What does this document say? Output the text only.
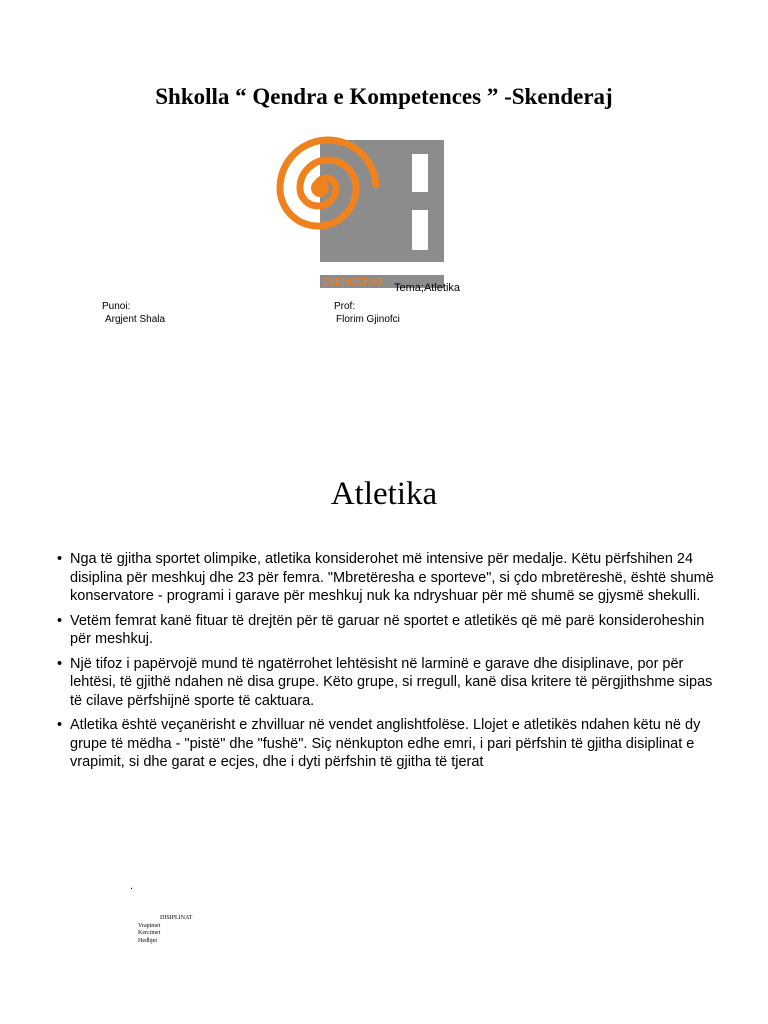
Shkolla “ Qendra e Kompetences ” -Skenderaj
QENDRA E KOMPETENCES
SKENDERAJ Tema;Atletika
Punoi:
Argjent Shala
Prof:
Florim Gjinofci
Atletika
• Nga të gjitha sportet olimpike, atletika konsiderohet më intensive për medalje. Këtu përfshihen 24 disiplina për meshkuj dhe 23 për femra. "Mbretëresha e sporteve", si çdo mbretëreshë, është shumë konservatore - programi i garave për meshkuj nuk ka ndryshuar për më shumë se gjysmë shekulli.
• Vetëm femrat kanë fituar të drejtën për të garuar në sportet e atletikës që më parë konsideroheshin për meshkuj.
• Një tifoz i papërvojë mund të ngatërrohet lehtësisht në larminë e garave dhe disiplinave, por për lehtësi, të gjithë ndahen në disa grupe. Këto grupe, si rregull, kanë disa kritere të përgjithshme sipas të cilave përfshijnë sporte të caktuara.
• Atletika është veçanërisht e zhvilluar në vendet anglishtfolëse. Llojet e atletikës ndahen këtu në dy grupe të mëdha - "pistë" dhe "fushë". Siç nënkupton edhe emri, i pari përfshin të gjitha disiplinat e vrapimit, si dhe garat e ecjes, dhe i dyti përfshin të gjitha të tjerat
.
DISIPLINAT
Vrapimet
Kercimet
Hedhjet
